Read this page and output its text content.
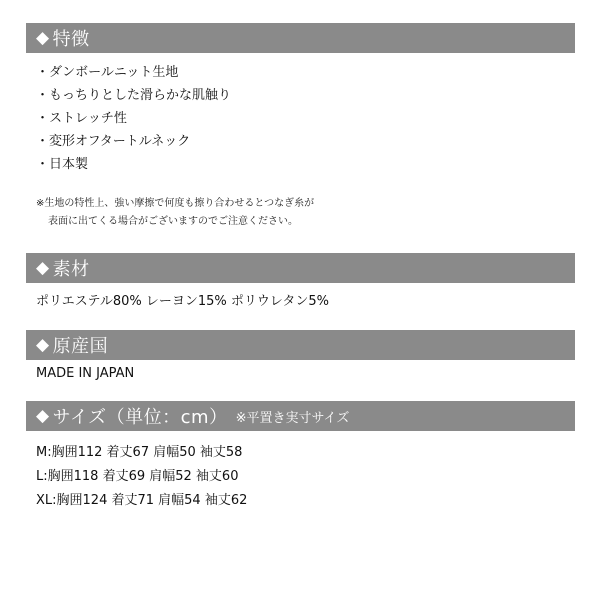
◆ 特徴
・ダンボールニット生地
・もっちりとした滑らかな肌触り
・ストレッチ性
・変形オフタートルネック
・日本製
※生地の特性上、強い摩擦で何度も擦り合わせるとつなぎ糸が
表面に出てくる場合がございますのでご注意ください。
◆ 素材
ポリエステル80% レーヨン15% ポリウレタン5%
◆ 原産国
MADE IN JAPAN
◆ サイズ（単位：cm） ※平置き実寸サイズ
M:胸囲112 着丈67 肩幅50 袖丈58
L:胸囲118 着丈69 肩幅52 袖丈60
XL:胸囲124 着丈71 肩幅54 袖丈62
